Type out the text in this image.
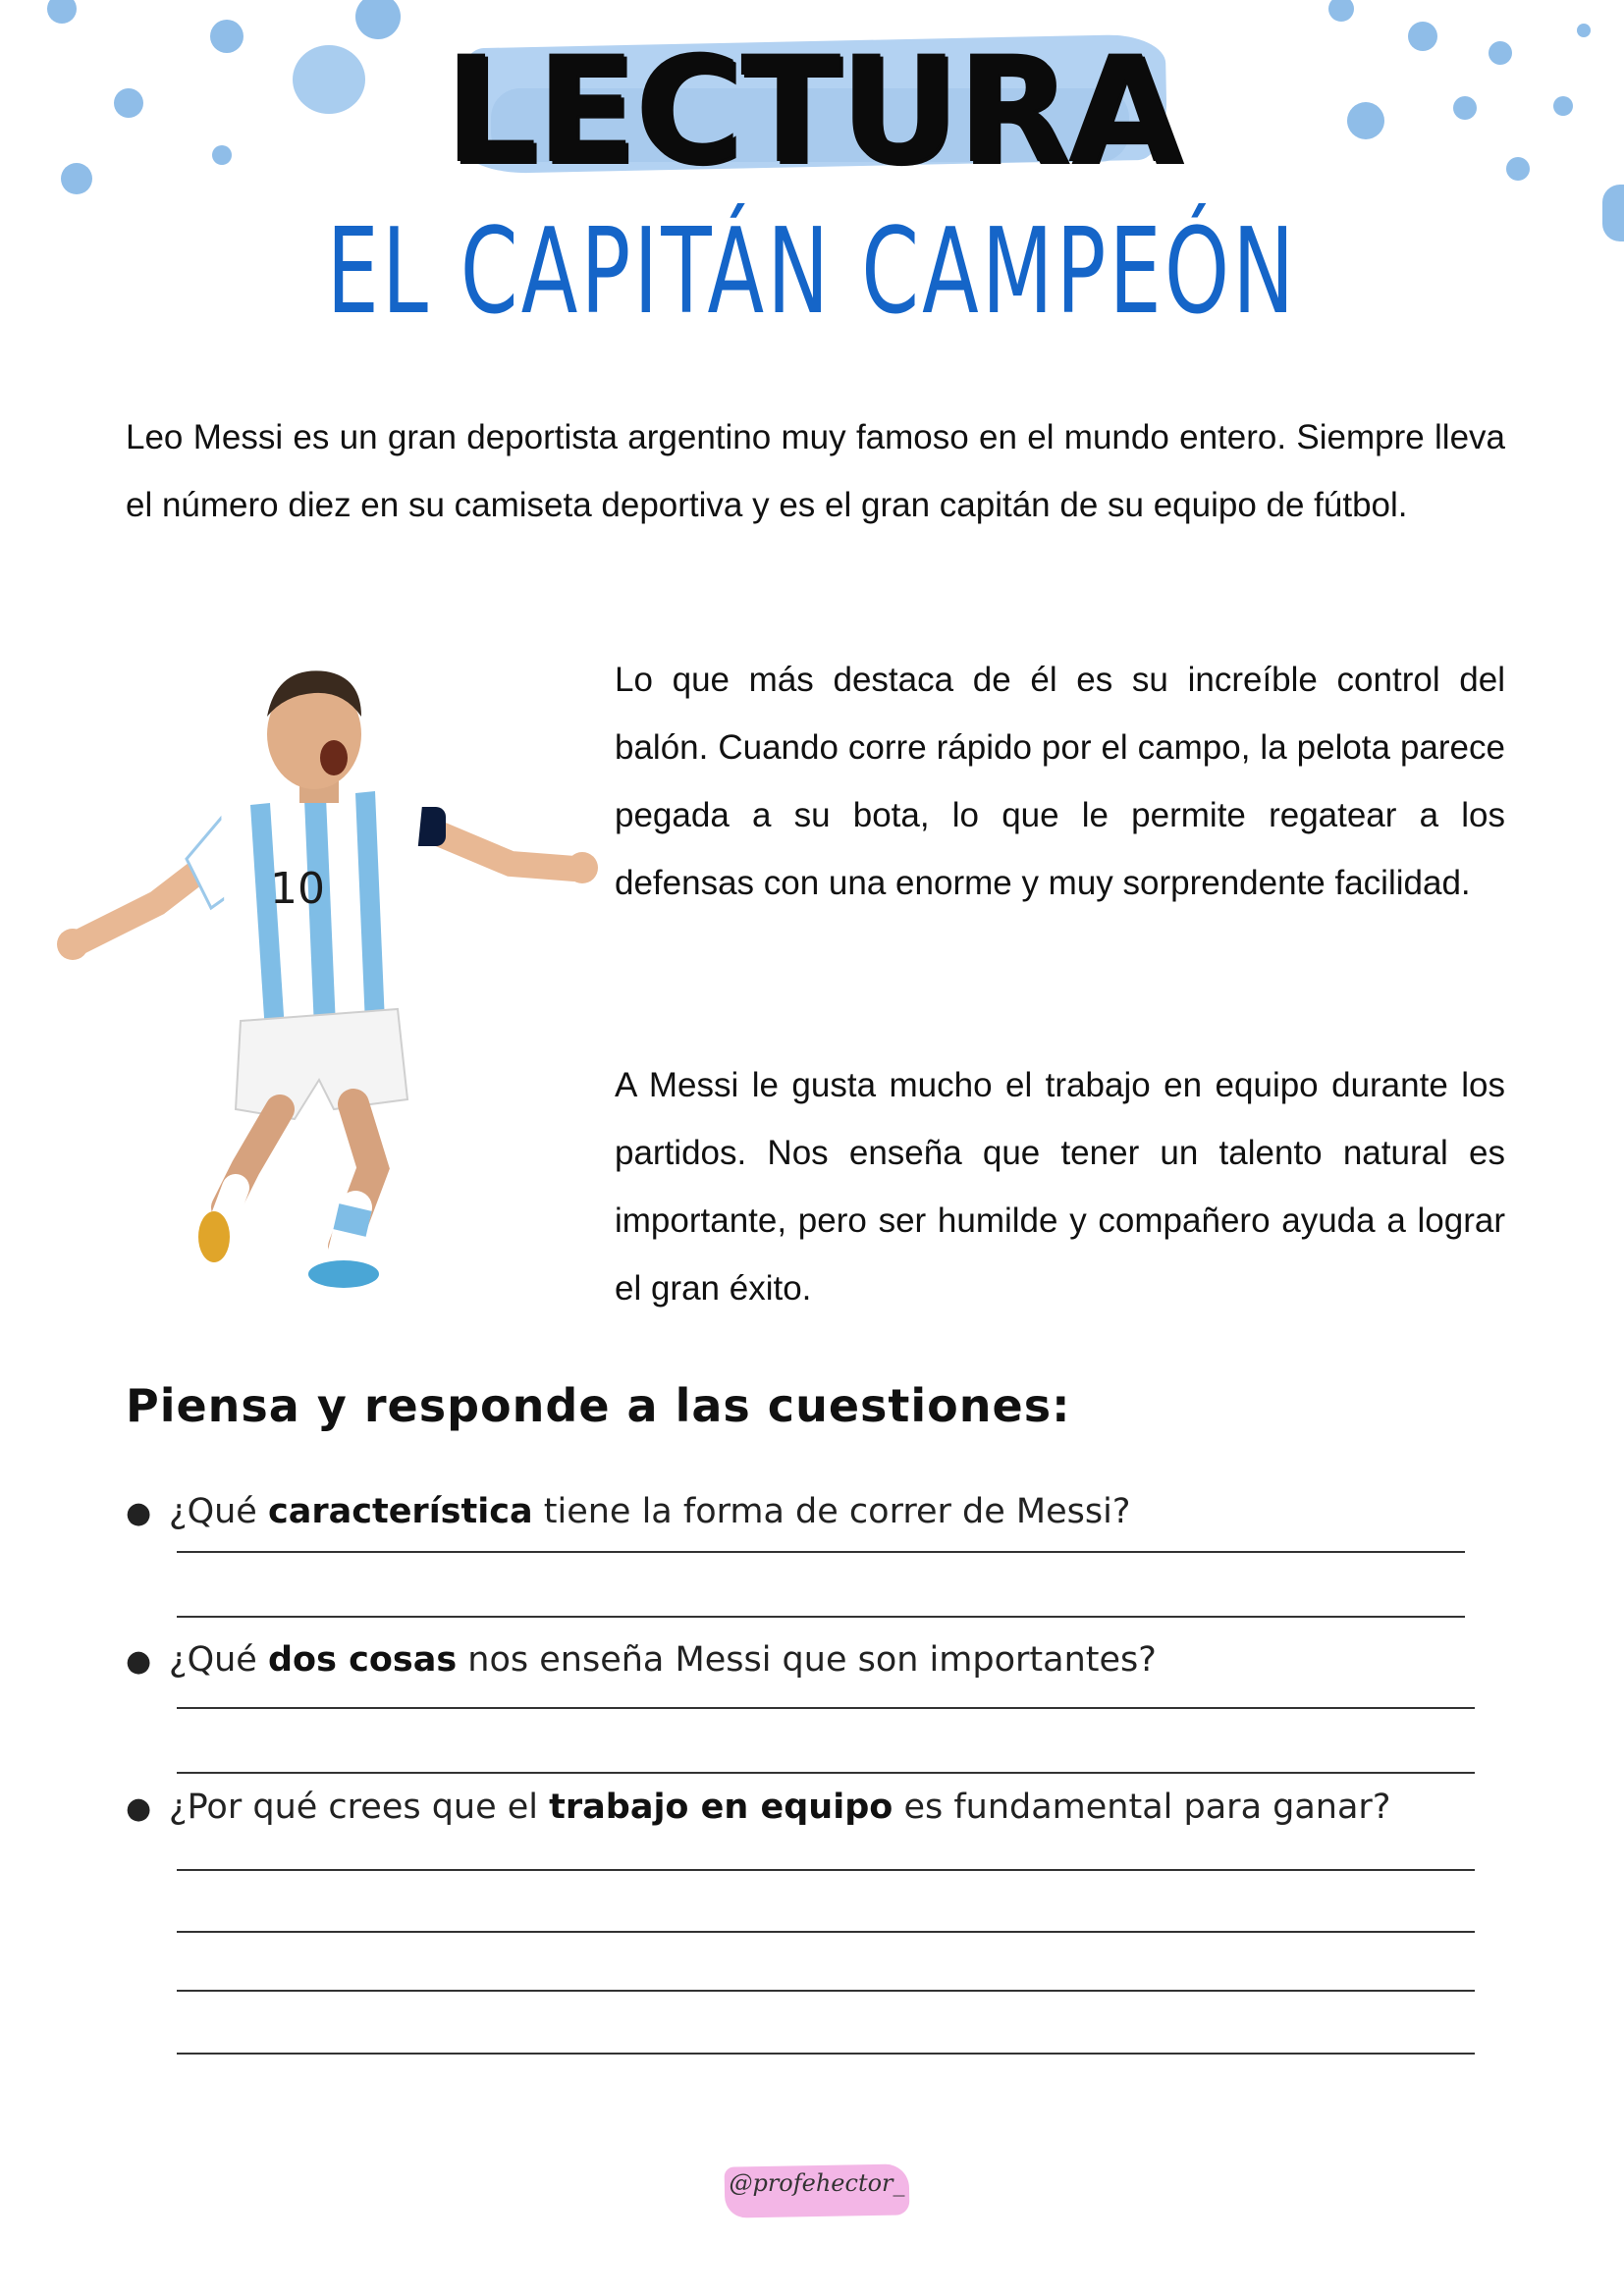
LECTURA
EL CAPITÁN CAMPEÓN

Leo Messi es un gran deportista argentino muy famoso en el mundo entero. Siempre lleva el número diez en su camiseta deportiva y es el gran capitán de su equipo de fútbol.

Lo que más destaca de él es su increíble control del balón. Cuando corre rápido por el campo, la pelota parece pegada a su bota, lo que le permite regatear a los defensas con una enorme y muy sorprendente facilidad.

A Messi le gusta mucho el trabajo en equipo durante los partidos. Nos enseña que tener un talento natural es importante, pero ser humilde y compañero ayuda a lograr el gran éxito.

10
Piensa y responde a las cuestiones:
● ¿Qué característica tiene la forma de correr de Messi?
● ¿Qué dos cosas nos enseña Messi que son importantes?
● ¿Por qué crees que el trabajo en equipo es fundamental para ganar?
@profehector_
